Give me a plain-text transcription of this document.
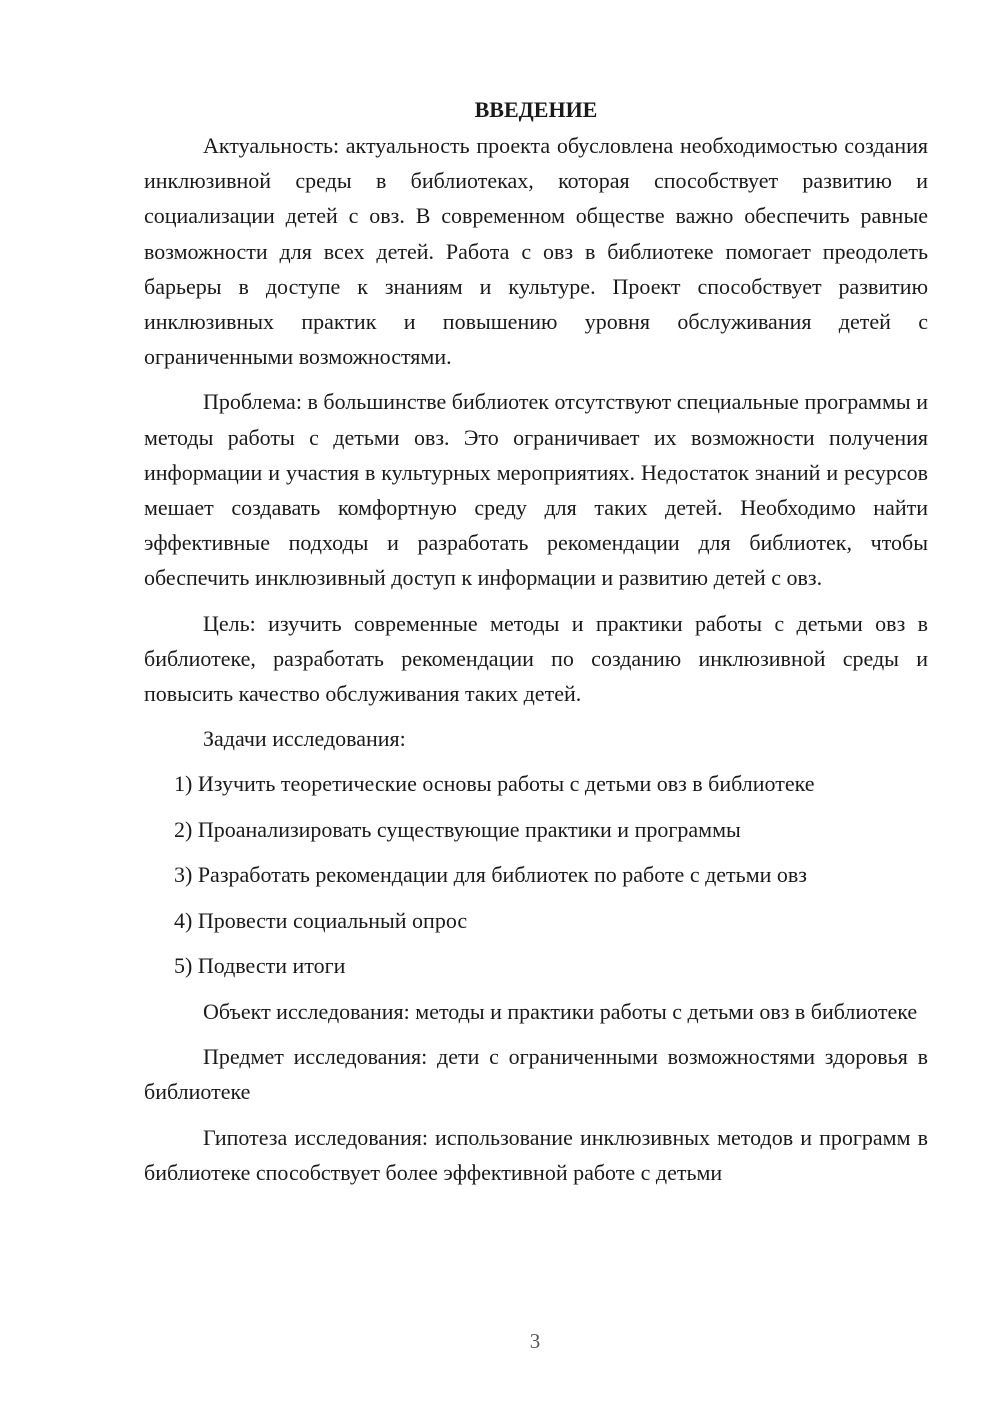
ВВЕДЕНИЕ

Актуальность: актуальность проекта обусловлена необходимостью создания инклюзивной среды в библиотеках, которая способствует развитию и социализации детей с овз. В современном обществе важно обеспечить равные возможности для всех детей. Работа с овз в библиотеке помогает преодолеть барьеры в доступе к знаниям и культуре. Проект способствует развитию инклюзивных практик и повышению уровня обслуживания детей с ограниченными возможностями.

Проблема: в большинстве библиотек отсутствуют специальные программы и методы работы с детьми овз. Это ограничивает их возможности получения информации и участия в культурных мероприятиях. Недостаток знаний и ресурсов мешает создавать комфортную среду для таких детей. Необходимо найти эффективные подходы и разработать рекомендации для библиотек, чтобы обеспечить инклюзивный доступ к информации и развитию детей с овз.

Цель: изучить современные методы и практики работы с детьми овз в библиотеке, разработать рекомендации по созданию инклюзивной среды и повысить качество обслуживания таких детей.

Задачи исследования:

1) Изучить теоретические основы работы с детьми овз в библиотеке
2) Проанализировать существующие практики и программы
3) Разработать рекомендации для библиотек по работе с детьми овз
4) Провести социальный опрос
5) Подвести итоги

Объект исследования: методы и практики работы с детьми овз в библиотеке

Предмет исследования: дети с ограниченными возможностями здоровья в библиотеке

Гипотеза исследования: использование инклюзивных методов и программ в библиотеке способствует более эффективной работе с детьми

3
